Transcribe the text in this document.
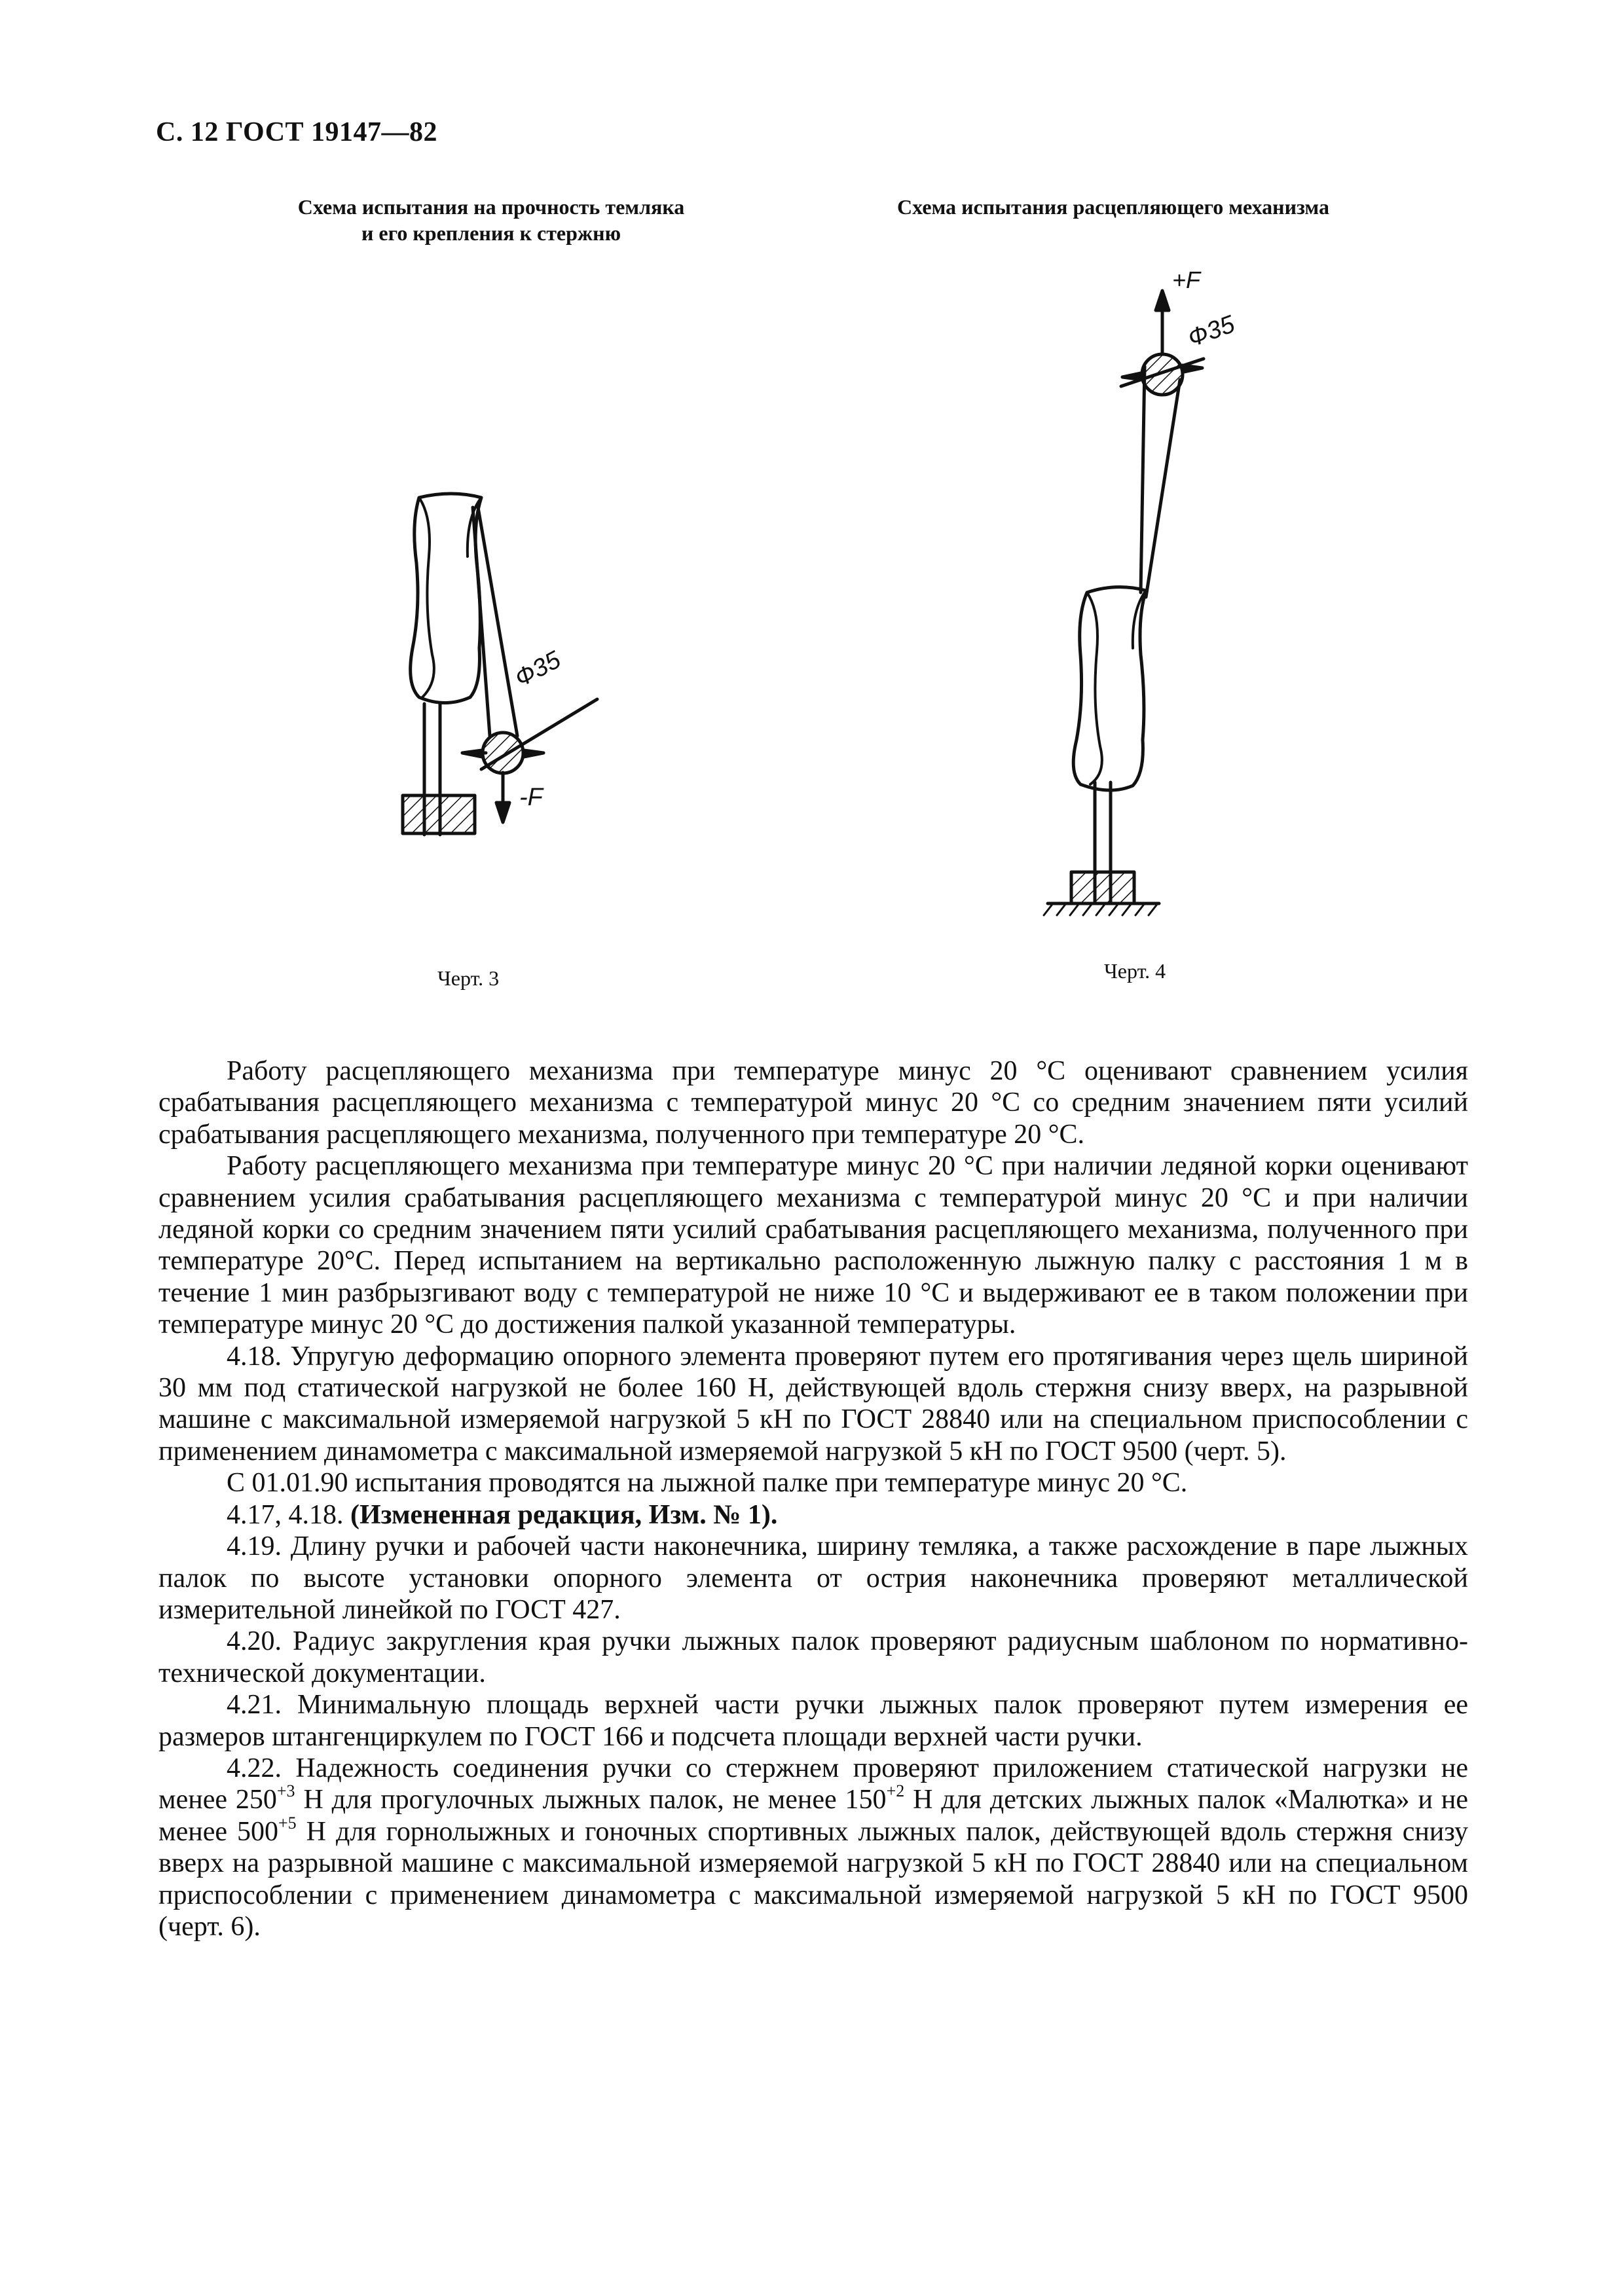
С. 12 ГОСТ 19147—82
Схема испытания на прочность темляка
и его крепления к стержню
Схема испытания расцепляющего механизма
Ф35
-F
Ф35
+F
Черт. 3	Черт. 4

Работу расцепляющего механизма при температуре минус 20 °С оценивают сравнением усилия срабатывания расцепляющего механизма с температурой минус 20 °С со средним значением пяти усилий срабатывания расцепляющего механизма, полученного при температуре 20 °С.

Работу расцепляющего механизма при температуре минус 20 °С при наличии ледяной корки оценивают сравнением усилия срабатывания расцепляющего механизма с температурой минус 20 °С и при наличии ледяной корки со средним значением пяти усилий срабатывания расцепляющего механизма, полученного при температуре 20°С. Перед испытанием на вертикально расположенную лыжную палку с расстояния 1 м в течение 1 мин разбрызгивают воду с температурой не ниже 10 °С и выдерживают ее в таком положении при температуре минус 20 °С до достижения палкой указанной температуры.

4.18. Упругую деформацию опорного элемента проверяют путем его протягивания через щель шириной 30 мм под статической нагрузкой не более 160 Н, действующей вдоль стержня снизу вверх, на разрывной машине с максимальной измеряемой нагрузкой 5 кН по ГОСТ 28840 или на специальном приспособлении с применением динамометра с максимальной измеряемой нагрузкой 5 кН по ГОСТ 9500 (черт. 5).

С 01.01.90 испытания проводятся на лыжной палке при температуре минус 20 °С.

4.17, 4.18. (Измененная редакция, Изм. № 1).

4.19. Длину ручки и рабочей части наконечника, ширину темляка, а также расхождение в паре лыжных палок по высоте установки опорного элемента от острия наконечника проверяют металлической измерительной линейкой по ГОСТ 427.

4.20. Радиус закругления края ручки лыжных палок проверяют радиусным шаблоном по нормативно-технической документации.

4.21. Минимальную площадь верхней части ручки лыжных палок проверяют путем измерения ее размеров штангенциркулем по ГОСТ 166 и подсчета площади верхней части ручки.

4.22. Надежность соединения ручки со стержнем проверяют приложением статической нагрузки не менее $250^{+3}$ Н для прогулочных лыжных палок, не менее $150^{+2}$ Н для детских лыжных палок «Малютка» и не менее $500^{+5}$ Н для горнолыжных и гоночных спортивных лыжных палок, действующей вдоль стержня снизу вверх на разрывной машине с максимальной измеряемой нагрузкой 5 кН по ГОСТ 28840 или на специальном приспособлении с применением динамометра с максимальной измеряемой нагрузкой 5 кН по ГОСТ 9500 (черт. 6).
